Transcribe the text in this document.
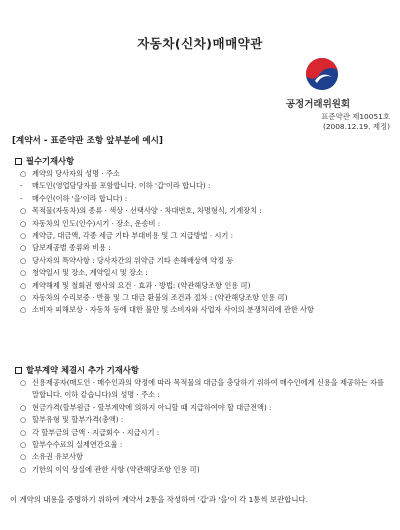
자동차(신차)매매약관
공정거래위원회
표준약관 제10051호
(2008.12.19. 제정)
[계약서 - 표준약관 조항 앞부분에 예시]
필수기재사항
○ 계약의 당사자의 성명 · 주소
- 매도인(영업담당자를 포함합니다. 이하 '갑'이라 합니다) :
- 매수인(이하 '을'이라 합니다) :
○ 목적물(자동차)의 종류 · 색상 · 선택사양 · 차대번호, 차명형식, 기계장치 :
○ 자동차의 인도(인수)시기 · 장소, 운송비 :
○ 계약금, 대금액, 각종 세금 기타 부대비용 및 그 지급방법 · 시기 :
○ 담보제공별 종류와 비용 :
○ 당사자의 특약사항 : 당사자간의 위약금 기타 손해배상액 약정 등
○ 청약일시 및 장소, 계약일시 및 장소 :
○ 계약해제 및 철회권 행사의 요건 · 효과 · 방법: (약관해당조항 인용 可)
○ 자동차의 수리보증 · 반품 및 그 대금 환불의 조건과 절차 : (약관해당조항 인용 可)
○ 소비자 피해보상 · 자동차 등에 대한 불만 및 소비자와 사업자 사이의 분쟁처리에 관한 사항
할부계약 체결시 추가 기재사항
○ 신용제공자(매도인 · 매수인과의 약정에 따라 목적물의 대금을 충당하기 위하여 매수인에게 신용을 제공하는 자를 말합니다. 이하 같습니다)의 성명 · 주소 :
○ 현금가격(할부원금 - 할부계약에 의하지 아니할 때 지급하여야 할 대금전액) :
○ 할부유형 및 할부가격(총액) :
○ 각 할부금의 금액 · 지급회수 · 지급시기 :
○ 할부수수료의 실제연간요율 :
○ 소유권 유보사항
○ 기한의 이익 상실에 관한 사항 (약관해당조항 인용 可)
이 계약의 내용을 증명하기 위하여 계약서 2통을 작성하여 '갑'과 '을'이 각 1통씩 보관합니다.
